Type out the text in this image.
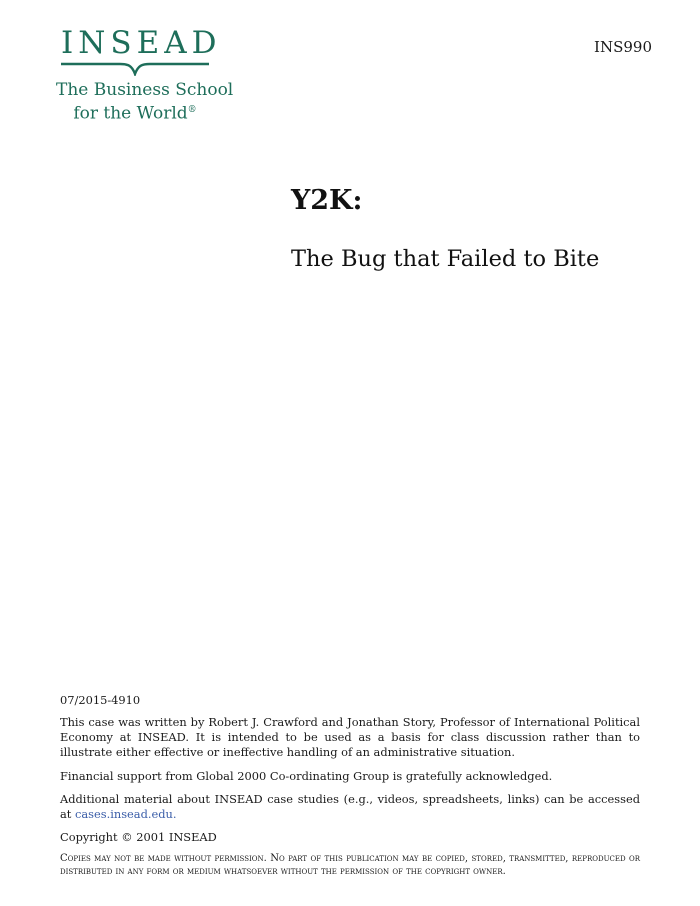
INSEAD
The Business School
for the World®
INS990
Y2K:
The Bug that Failed to Bite

07/2015-4910

This case was written by Robert J. Crawford and Jonathan Story, Professor of International Political Economy at INSEAD. It is intended to be used as a basis for class discussion rather than to illustrate either effective or ineffective handling of an administrative situation.

Financial support from Global 2000 Co-ordinating Group is gratefully acknowledged.

Additional material about INSEAD case studies (e.g., videos, spreadsheets, links) can be accessed at cases.insead.edu.

Copyright © 2001 INSEAD

Copies may not be made without permission. No part of this publication may be copied, stored, transmitted, reproduced or distributed in any form or medium whatsoever without the permission of the copyright owner.
